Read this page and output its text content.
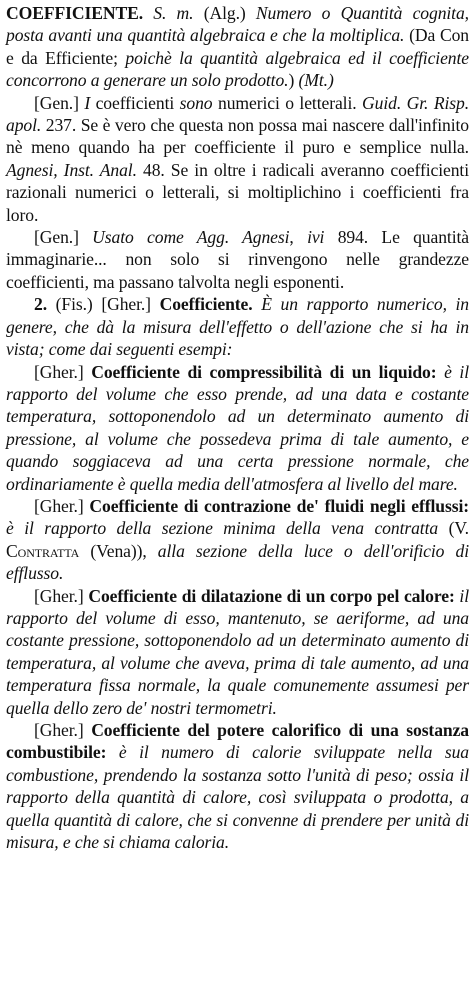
COEFFICIENTE. S. m. (Alg.) Numero o Quantità cognita, posta avanti una quantità algebraica e che la moltiplica. (Da Con e da Efficiente; poichè la quantità algebraica ed il coefficiente concorrono a generare un solo prodotto.) (Mt.)

[Gen.] I coefficienti sono numerici o letterali. Guid. Gr. Risp. apol. 237. Se è vero che questa non possa mai nascere dall'infinito nè meno quando ha per coefficiente il puro e semplice nulla. Agnesi, Inst. Anal. 48. Se in oltre i radicali averanno coefficienti razionali numerici o letterali, si moltiplichino i coefficienti fra loro.

[Gen.] Usato come Agg. Agnesi, ivi 894. Le quantità immaginarie... non solo si rinvengono nelle grandezze coefficienti, ma passano talvolta negli esponenti.

2. (Fis.) [Gher.] Coefficiente. È un rapporto numerico, in genere, che dà la misura dell'effetto o dell'azione che si ha in vista; come dai seguenti esempi:

[Gher.] Coefficiente di compressibilità di un liquido: è il rapporto del volume che esso prende, ad una data e costante temperatura, sottoponendolo ad un determinato aumento di pressione, al volume che possedeva prima di tale aumento, e quando soggiaceva ad una certa pressione normale, che ordinariamente è quella media dell'atmosfera al livello del mare.

[Gher.] Coefficiente di contrazione de' fluidi negli efflussi: è il rapporto della sezione minima della vena contratta (V. Contratta (Vena)), alla sezione della luce o dell'orificio di efflusso.

[Gher.] Coefficiente di dilatazione di un corpo pel calore: il rapporto del volume di esso, mantenuto, se aeriforme, ad una costante pressione, sottoponendolo ad un determinato aumento di temperatura, al volume che aveva, prima di tale aumento, ad una temperatura fissa normale, la quale comunemente assumesi per quella dello zero de' nostri termometri.

[Gher.] Coefficiente del potere calorifico di una sostanza combustibile: è il numero di calorie sviluppate nella sua combustione, prendendo la sostanza sotto l'unità di peso; ossia il rapporto della quantità di calore, così sviluppata o prodotta, a quella quantità di calore, che si convenne di prendere per unità di misura, e che si chiama caloria.
